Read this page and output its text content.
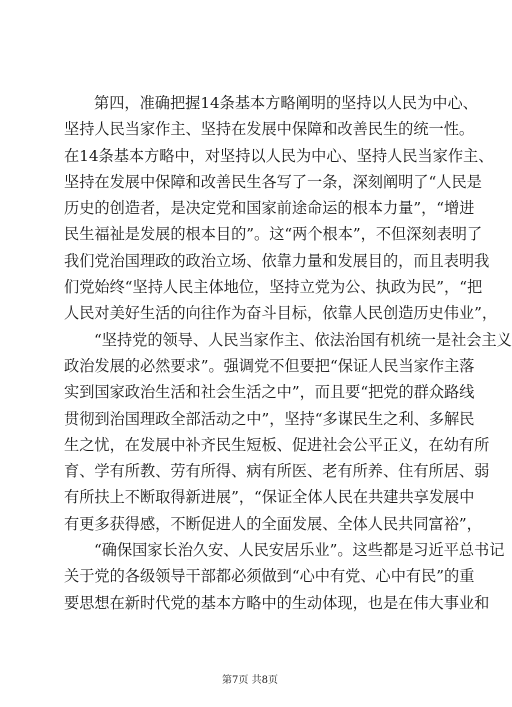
第四，准确把握14条基本方略阐明的坚持以人民为中心、
坚持人民当家作主、坚持在发展中保障和改善民生的统一性。
在14条基本方略中，对坚持以人民为中心、坚持人民当家作主、
坚持在发展中保障和改善民生各写了一条，深刻阐明了“人民是
历史的创造者，是决定党和国家前途命运的根本力量”，“增进
民生福祉是发展的根本目的”。这“两个根本”，不但深刻表明了
我们党治国理政的政治立场、依靠力量和发展目的，而且表明我
们党始终“坚持人民主体地位，坚持立党为公、执政为民”，“把
人民对美好生活的向往作为奋斗目标，依靠人民创造历史伟业”，
“坚持党的领导、人民当家作主、依法治国有机统一是社会主义
政治发展的必然要求”。强调党不但要把“保证人民当家作主落
实到国家政治生活和社会生活之中”，而且要“把党的群众路线
贯彻到治国理政全部活动之中”，坚持“多谋民生之利、多解民
生之忧，在发展中补齐民生短板、促进社会公平正义，在幼有所
育、学有所教、劳有所得、病有所医、老有所养、住有所居、弱
有所扶上不断取得新进展”，“保证全体人民在共建共享发展中
有更多获得感，不断促进人的全面发展、全体人民共同富裕”，
“确保国家长治久安、人民安居乐业”。这些都是习近平总书记
关于党的各级领导干部都必须做到“心中有党、心中有民”的重
要思想在新时代党的基本方略中的生动体现，也是在伟大事业和
第7页 共8页
